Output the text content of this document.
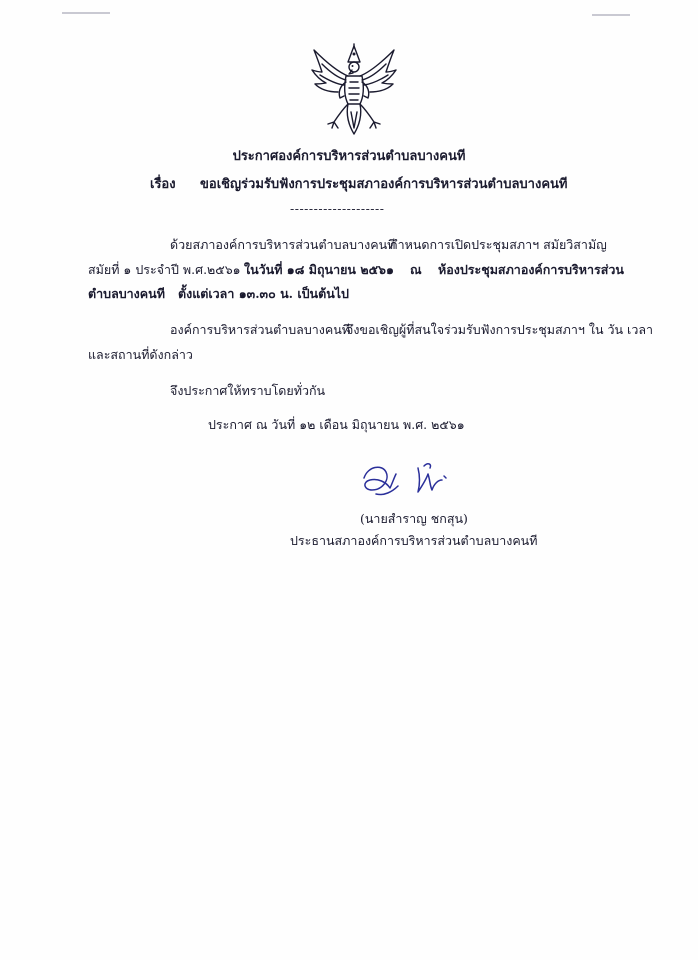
ประกาศองค์การบริหารส่วนตำบลบางคนที
เรื่อง ขอเชิญร่วมรับฟังการประชุมสภาองค์การบริหารส่วนตำบลบางคนที
--------------------
ด้วยสภาองค์การบริหารส่วนตำบลบางคนที
กำหนดการเปิดประชุมสภาฯ สมัยวิสามัญ
สมัยที่ ๑ ประจำปี พ.ศ.๒๕๖๑ ในวันที่ ๑๘ มิถุนายน ๒๕๖๑ ณ ห้องประชุมสภาองค์การบริหารส่วน
ตำบลบางคนที ตั้งแต่เวลา ๑๓.๓๐ น. เป็นต้นไป
องค์การบริหารส่วนตำบลบางคนที
จึงขอเชิญผู้ที่สนใจร่วมรับฟังการประชุมสภาฯ ใน วัน เวลา
และสถานที่ดังกล่าว
จึงประกาศให้ทราบโดยทั่วกัน
ประกาศ ณ วันที่ ๑๒ เดือน มิถุนายน พ.ศ. ๒๕๖๑
(นายสำราญ ชกสุน)
ประธานสภาองค์การบริหารส่วนตำบลบางคนที
